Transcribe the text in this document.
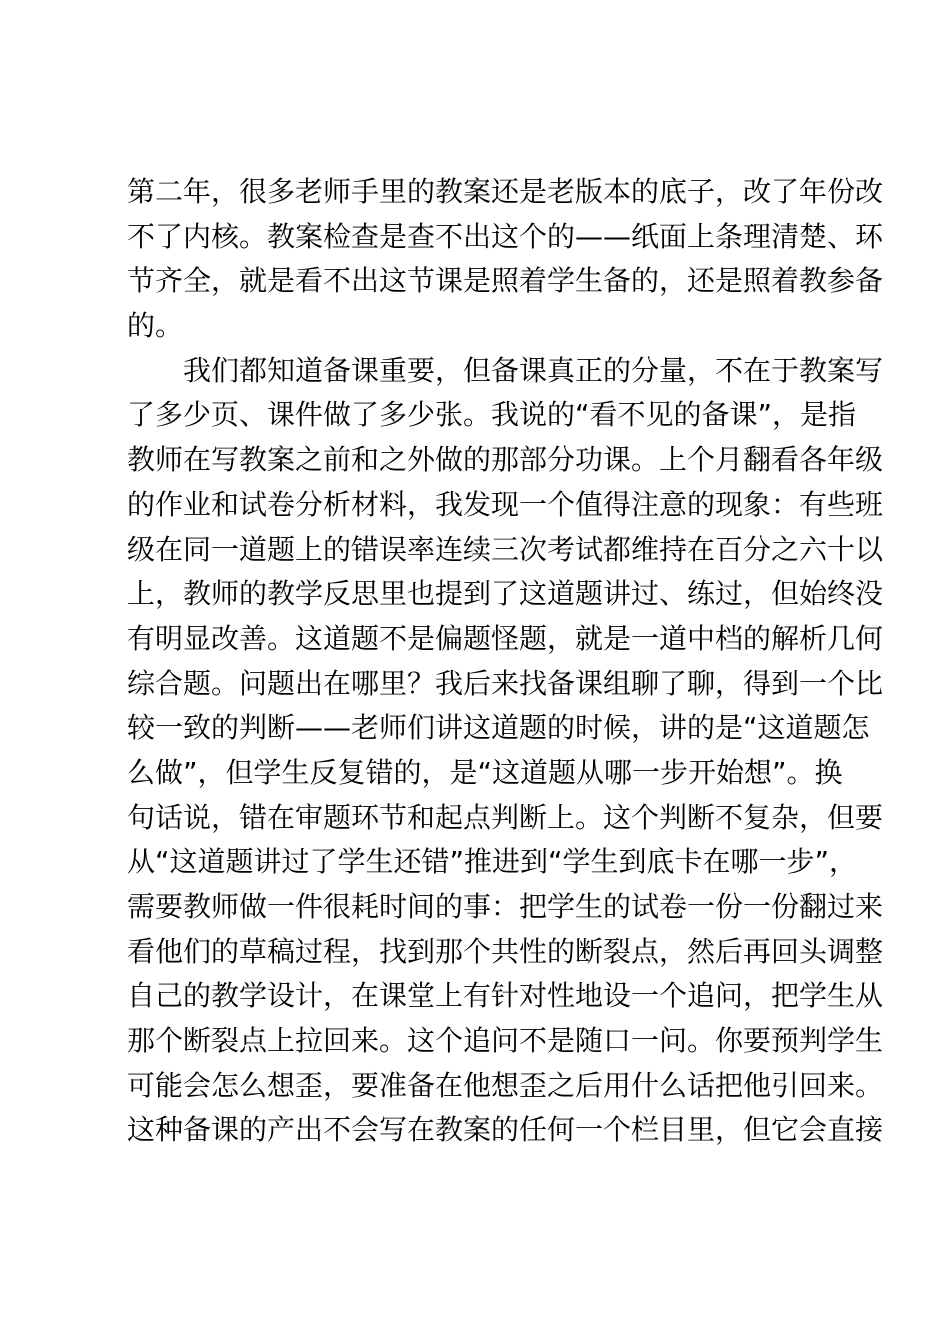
第二年，很多老师手里的教案还是老版本的底子，改了年份改
不了内核。教案检查是查不出这个的——纸面上条理清楚、环
节齐全，就是看不出这节课是照着学生备的，还是照着教参备
的。
我们都知道备课重要，但备课真正的分量，不在于教案写
了多少页、课件做了多少张。我说的“看不见的备课”，是指
教师在写教案之前和之外做的那部分功课。上个月翻看各年级
的作业和试卷分析材料，我发现一个值得注意的现象：有些班
级在同一道题上的错误率连续三次考试都维持在百分之六十以
上，教师的教学反思里也提到了这道题讲过、练过，但始终没
有明显改善。这道题不是偏题怪题，就是一道中档的解析几何
综合题。问题出在哪里？我后来找备课组聊了聊，得到一个比
较一致的判断——老师们讲这道题的时候，讲的是“这道题怎
么做”，但学生反复错的，是“这道题从哪一步开始想”。换
句话说，错在审题环节和起点判断上。这个判断不复杂，但要
从“这道题讲过了学生还错”推进到“学生到底卡在哪一步”，
需要教师做一件很耗时间的事：把学生的试卷一份一份翻过来
看他们的草稿过程，找到那个共性的断裂点，然后再回头调整
自己的教学设计，在课堂上有针对性地设一个追问，把学生从
那个断裂点上拉回来。这个追问不是随口一问。你要预判学生
可能会怎么想歪，要准备在他想歪之后用什么话把他引回来。
这种备课的产出不会写在教案的任何一个栏目里，但它会直接
